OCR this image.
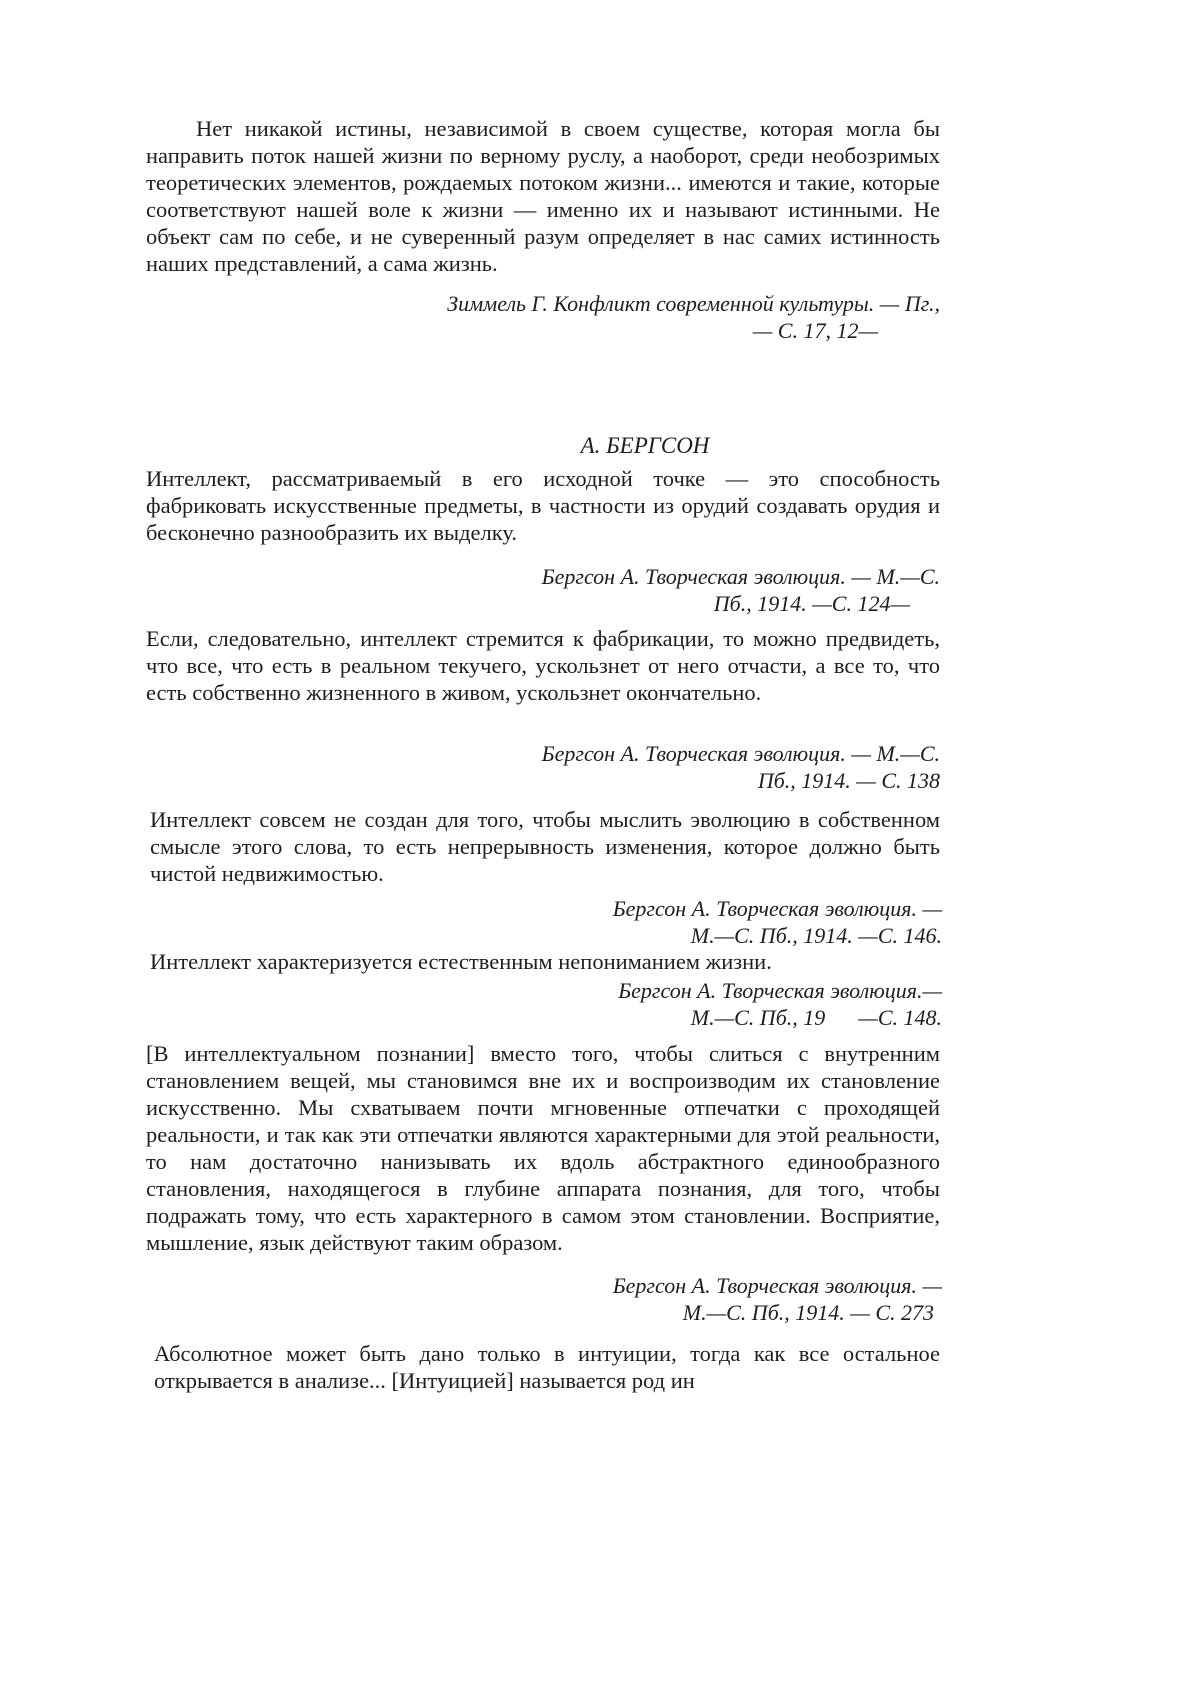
Нет никакой истины, независимой в своем существе, которая могла бы направить поток нашей жизни по верному руслу, а наоборот, среди необозримых теоретических элементов, рождаемых потоком жизни... имеются и такие, которые соответствуют нашей воле к жизни — именно их и называют истинными. Не объект сам по себе, и не суверенный разум определяет в нас самих истинность наших представлений, а сама жизнь.

Зиммель Г. Конфликт современной культуры. — Пг.,
— С. 17, 12—
А. БЕРГСОН

Интеллект, рассматриваемый в его исходной точке — это способность фабриковать искусственные предметы, в частности из орудий создавать орудия и бесконечно разнообразить их выделку.

Бергсон А. Творческая эволюция. — М.—С.
Пб., 1914. —С. 124—

Если, следовательно, интеллект стремится к фабрикации, то можно предвидеть, что все, что есть в реальном текучего, ускользнет от него отчасти, а все то, что есть собственно жизненного в живом, ускользнет окончательно.

Бергсон А. Творческая эволюция. — М.—С.
Пб., 1914. — С. 138

Интеллект совсем не создан для того, чтобы мыслить эволюцию в собственном смысле этого слова, то есть непрерывность изменения, которое должно быть чистой недвижимостью.

Бергсон А. Творческая эволюция. —
М.—С. Пб., 1914. —С. 146.

Интеллект характеризуется естественным непониманием жизни.

Бергсон А. Творческая эволюция.—
М.—С. Пб., 19      —С. 148.

[В интеллектуальном познании] вместо того, чтобы слиться с внутренним становлением вещей, мы становимся вне их и воспроизводим их становление искусственно. Мы схватываем почти мгновенные отпечатки с проходящей реальности, и так как эти отпечатки являются характерными для этой реальности, то нам достаточно нанизывать их вдоль абстрактного единообразного становления, находящегося в глубине аппарата познания, для того, чтобы подражать тому, что есть характерного в самом этом становлении. Восприятие, мышление, язык действуют таким образом.

Бергсон А. Творческая эволюция. —
М.—С. Пб., 1914. — С. 273

Абсолютное может быть дано только в интуиции, тогда как все остальное открывается в анализе... [Интуицией] называется род ин
